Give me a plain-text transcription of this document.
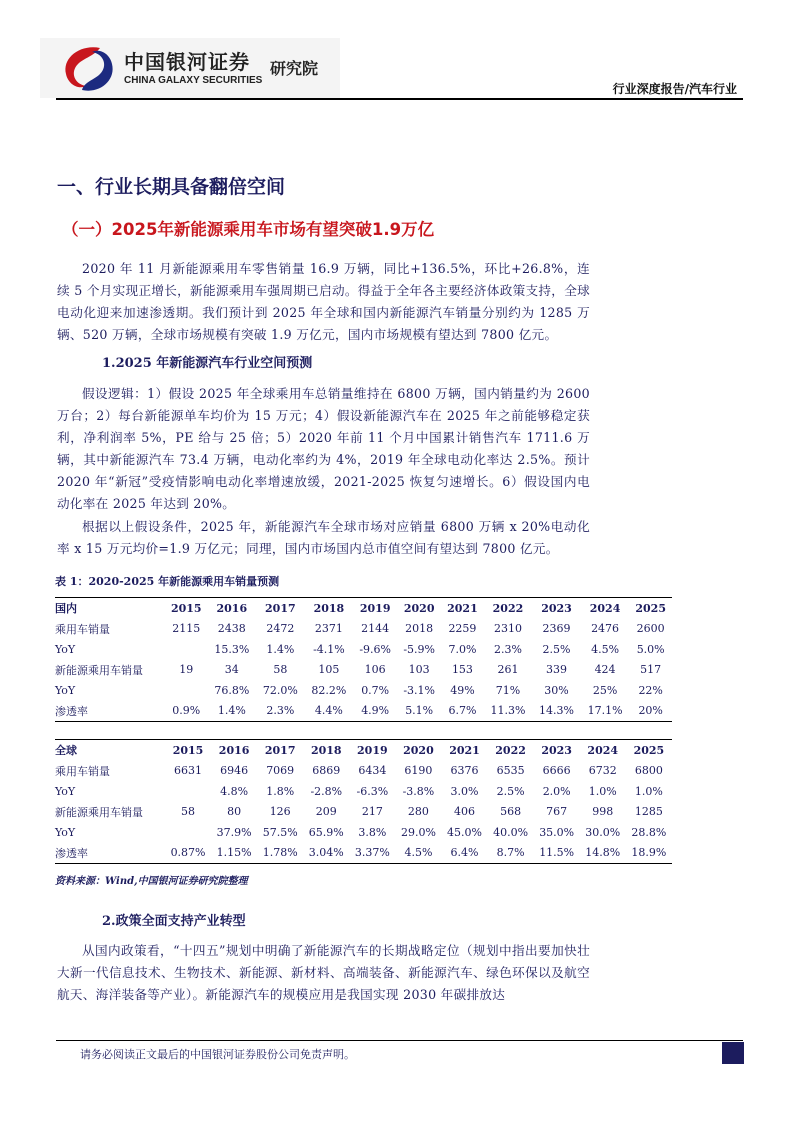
中国银河证券
CHINA GALAXY SECURITIES
研究院
行业深度报告/汽车行业
一、行业长期具备翻倍空间
（一）2025年新能源乘用车市场有望突破1.9万亿
2020 年 11 月新能源乘用车零售销量 16.9 万辆，同比+136.5%，环比+26.8%，连续 5 个月实现正增长，新能源乘用车强周期已启动。得益于全年各主要经济体政策支持，全球电动化迎来加速渗透期。我们预计到 2025 年全球和国内新能源汽车销量分别约为 1285 万辆、520 万辆，全球市场规模有突破 1.9 万亿元，国内市场规模有望达到 7800 亿元。
1.2025 年新能源汽车行业空间预测
假设逻辑：1）假设 2025 年全球乘用车总销量维持在 6800 万辆，国内销量约为 2600 万台；2）每台新能源单车均价为 15 万元；4）假设新能源汽车在 2025 年之前能够稳定获利，净利润率 5%，PE 给与 25 倍；5）2020 年前 11 个月中国累计销售汽车 1711.6 万辆，其中新能源汽车 73.4 万辆，电动化率约为 4%，2019 年全球电动化率达 2.5%。预计 2020 年“新冠”受疫情影响电动化率增速放缓，2021-2025 恢复匀速增长。6）假设国内电动化率在 2025 年达到 20%。
根据以上假设条件，2025 年，新能源汽车全球市场对应销量 6800 万辆 x 20%电动化率 x 15 万元均价=1.9 万亿元；同理，国内市场国内总市值空间有望达到 7800 亿元。
表 1：2020-2025 年新能源乘用车销量预测
国内	2015	2016	2017	2018	2019	2020	2021	2022	2023	2024	2025
乘用车销量	2115	2438	2472	2371	2144	2018	2259	2310	2369	2476	2600
YoY		15.3%	1.4%	-4.1%	-9.6%	-5.9%	7.0%	2.3%	2.5%	4.5%	5.0%
新能源乘用车销量	19	34	58	105	106	103	153	261	339	424	517
YoY		76.8%	72.0%	82.2%	0.7%	-3.1%	49%	71%	30%	25%	22%
渗透率	0.9%	1.4%	2.3%	4.4%	4.9%	5.1%	6.7%	11.3%	14.3%	17.1%	20%
全球	2015	2016	2017	2018	2019	2020	2021	2022	2023	2024	2025
乘用车销量	6631	6946	7069	6869	6434	6190	6376	6535	6666	6732	6800
YoY		4.8%	1.8%	-2.8%	-6.3%	-3.8%	3.0%	2.5%	2.0%	1.0%	1.0%
新能源乘用车销量	58	80	126	209	217	280	406	568	767	998	1285
YoY		37.9%	57.5%	65.9%	3.8%	29.0%	45.0%	40.0%	35.0%	30.0%	28.8%
渗透率	0.87%	1.15%	1.78%	3.04%	3.37%	4.5%	6.4%	8.7%	11.5%	14.8%	18.9%
资料来源：Wind,中国银河证券研究院整理
2.政策全面支持产业转型
从国内政策看，“十四五”规划中明确了新能源汽车的长期战略定位（规划中指出要加快壮大新一代信息技术、生物技术、新能源、新材料、高端装备、新能源汽车、绿色环保以及航空航天、海洋装备等产业）。新能源汽车的规模应用是我国实现 2030 年碳排放达
请务必阅读正文最后的中国银河证券股份公司免责声明。
